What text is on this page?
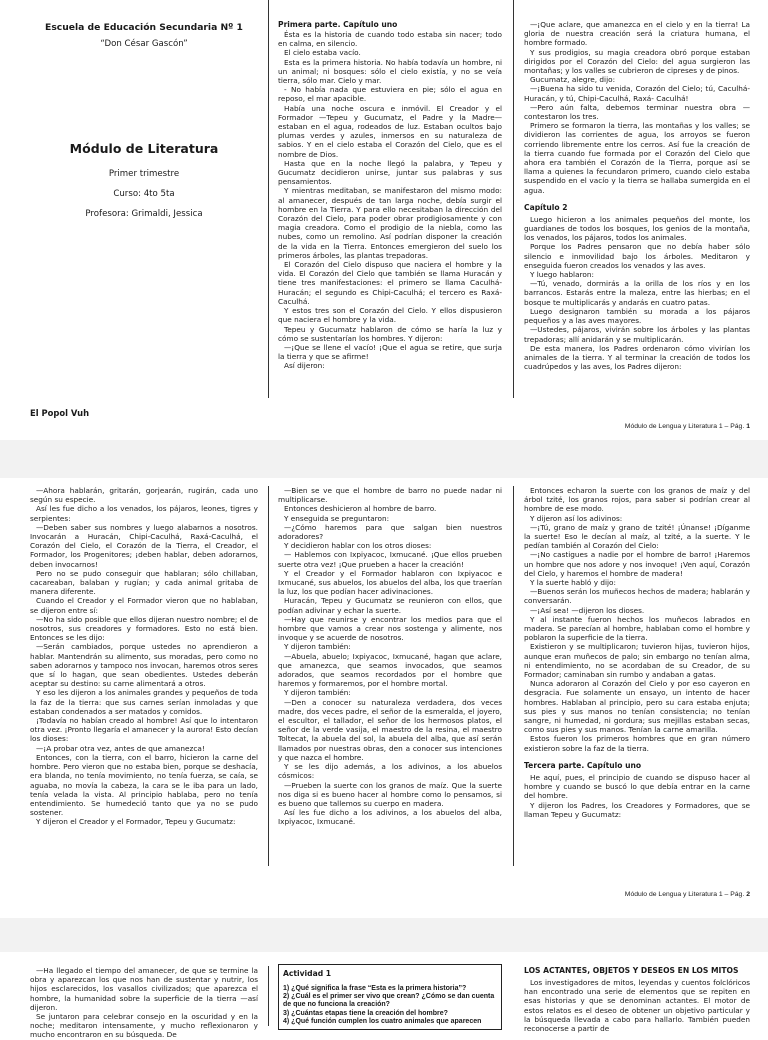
Escuela de Educación Secundaria Nº 1
“Don César Gascón”
Módulo de Literatura
Primer trimestre
Curso: 4to 5ta
Profesora: Grimaldi, Jessica
El Popol Vuh

Primera parte. Capítulo uno

Ésta es la historia de cuando todo estaba sin nacer; todo en calma, en silencio.

El cielo estaba vacío.

Esta es la primera historia. No había todavía un hombre, ni un animal; ni bosques: sólo el cielo existía, y no se veía tierra, sólo mar. Cielo y mar.

- No había nada que estuviera en pie; sólo el agua en reposo, el mar apacible.

Había una noche oscura e inmóvil. El Creador y el Formador —Tepeu y Gucumatz, el Padre y la Madre— estaban en el agua, rodeados de luz. Estaban ocultos bajo plumas verdes y azules, inmersos en su naturaleza de sabios. Y en el cielo estaba el Corazón del Cielo, que es el nombre de Dios.

Hasta que en la noche llegó la palabra, y Tepeu y Gucumatz decidieron unirse, juntar sus palabras y sus pensamientos.

Y mientras meditaban, se manifestaron del mismo modo: al amanecer, después de tan larga noche, debía surgir el hombre en la Tierra. Y para ello necesitaban la dirección del Corazón del Cielo, para poder obrar prodigiosamente y con magia creadora. Como el prodigio de la niebla, como las nubes, como un remolino. Así podrían disponer la creación de la vida en la Tierra. Entonces emergieron del suelo los primeros árboles, las plantas trepadoras.

El Corazón del Cielo dispuso que naciera el hombre y la vida. El Corazón del Cielo que también se llama Huracán y tiene tres manifestaciones: el primero se llama Caculhá-Huracán; el segundo es Chipi-Caculhá; el tercero es Raxá-Caculhá.

Y estos tres son el Corazón del Cielo. Y ellos dispusieron que naciera el hombre y la vida.

Tepeu y Gucumatz hablaron de cómo se haría la luz y cómo se sustentarían los hombres. Y dijeron:

—¡Que se llene el vacío! ¡Que el agua se retire, que surja la tierra y que se afirme!

Así dijeron:

—¡Que aclare, que amanezca en el cielo y en la tierra! La gloria de nuestra creación será la criatura humana, el hombre formado.

Y sus prodigios, su magia creadora obró porque estaban dirigidos por el Corazón del Cielo: del agua surgieron las montañas; y los valles se cubrieron de cipreses y de pinos.

Gucumatz, alegre, dijo:

—¡Buena ha sido tu venida, Corazón del Cielo; tú, Caculhá-Huracán, y tú, Chipi-Caculhá, Raxá- Caculhá!

—Pero aún falta, debemos terminar nuestra obra —contestaron los tres.

Primero se formaron la tierra, las montañas y los valles; se dividieron las corrientes de agua, los arroyos se fueron corriendo libremente entre los cerros. Así fue la creación de la tierra cuando fue formada por el Corazón del Cielo que ahora era también el Corazón de la Tierra, porque así se llama a quienes la fecundaron primero, cuando cielo estaba suspendido en el vacío y la tierra se hallaba sumergida en el agua.

Capítulo 2

Luego hicieron a los animales pequeños del monte, los guardianes de todos los bosques, los genios de la montaña, los venados, los pájaros, todos los animales.

Porque los Padres pensaron que no debía haber sólo silencio e inmovilidad bajo los árboles. Meditaron y enseguida fueron creados los venados y las aves.

Y luego hablaron:

—Tú, venado, dormirás a la orilla de los ríos y en los barrancos. Estarás entre la maleza, entre las hierbas; en el bosque te multiplicarás y andarás en cuatro patas.

Luego designaron también su morada a los pájaros pequeños y a las aves mayores.

—Ustedes, pájaros, vivirán sobre los árboles y las plantas trepadoras; allí anidarán y se multiplicarán.

De esta manera, los Padres ordenaron cómo vivirían los animales de la tierra. Y al terminar la creación de todos los cuadrúpedos y las aves, los Padres dijeron:

Módulo de Lengua y Literatura 1 – Pág. 1

—Ahora hablarán, gritarán, gorjearán, rugirán, cada uno según su especie.

Así les fue dicho a los venados, los pájaros, leones, tigres y serpientes:

—Deben saber sus nombres y luego alabarnos a nosotros. Invocarán a Huracán, Chipi-Caculhá, Raxá-Caculhá, el Corazón del Cielo, el Corazón de la Tierra, el Creador, el Formador, los Progenitores; ¡deben hablar, deben adorarnos, deben invocarnos!

Pero no se pudo conseguir que hablaran; sólo chillaban, cacareaban, balaban y rugían; y cada animal gritaba de manera diferente.

Cuando el Creador y el Formador vieron que no hablaban, se dijeron entre sí:

—No ha sido posible que ellos dijeran nuestro nombre; el de nosotros, sus creadores y formadores. Esto no está bien. Entonces se les dijo:

—Serán cambiados, porque ustedes no aprendieron a hablar. Mantendrán su alimento, sus moradas, pero como no saben adorarnos y tampoco nos invocan, haremos otros seres que sí lo hagan, que sean obedientes. Ustedes deberán aceptar su destino: su carne alimentará a otros.

Y eso les dijeron a los animales grandes y pequeños de toda la faz de la tierra: que sus carnes serían inmoladas y que estaban condenados a ser matados y comidos.

¡Todavía no habían creado al hombre! Así que lo intentaron otra vez. ¡Pronto llegaría el amanecer y la aurora! Esto decían los dioses:

—¡A probar otra vez, antes de que amanezca!

Entonces, con la tierra, con el barro, hicieron la carne del hombre. Pero vieron que no estaba bien, porque se deshacía, era blanda, no tenía movimiento, no tenía fuerza, se caía, se aguaba, no movía la cabeza, la cara se le iba para un lado, tenía velada la vista. Al principio hablaba, pero no tenía entendimiento. Se humedeció tanto que ya no se pudo sostener.

Y dijeron el Creador y el Formador, Tepeu y Gucumatz:

—Bien se ve que el hombre de barro no puede nadar ni multiplicarse.

Entonces deshicieron al hombre de barro.

Y enseguida se preguntaron:

—¿Cómo haremos para que salgan bien nuestros adoradores?

Y decidieron hablar con los otros dioses:

— Hablemos con Ixpiyacoc, Ixmucané. ¡Que ellos prueben suerte otra vez! ¡Que prueben a hacer la creación!

Y el Creador y el Formador hablaron con Ixpiyacoc e Ixmucané, sus abuelos, los abuelos del alba, los que traerían la luz, los que podían hacer adivinaciones.

Huracán, Tepeu y Gucumatz se reunieron con ellos, que podían adivinar y echar la suerte.

—Hay que reunirse y encontrar los medios para que el hombre que vamos a crear nos sostenga y alimente, nos invoque y se acuerde de nosotros.

Y dijeron también:

—Abuela, abuelo; Ixpiyacoc, Ixmucané, hagan que aclare, que amanezca, que seamos invocados, que seamos adorados, que seamos recordados por el hombre que haremos y formaremos, por el hombre mortal.

Y dijeron también:

—Den a conocer su naturaleza verdadera, dos veces madre, dos veces padre, el señor de la esmeralda, el joyero, el escultor, el tallador, el señor de los hermosos platos, el señor de la verde vasija, el maestro de la resina, el maestro Toltecat, la abuela del sol, la abuela del alba, que así serán llamados por nuestras obras, den a conocer sus intenciones y que nazca el hombre.

Y se les dijo además, a los adivinos, a los abuelos cósmicos:

—Prueben la suerte con los granos de maíz. Que la suerte nos diga si es bueno hacer al hombre como lo pensamos, si es bueno que tallemos su cuerpo en madera.

Así les fue dicho a los adivinos, a los abuelos del alba, Ixpiyacoc, Ixmucané.

Entonces echaron la suerte con los granos de maíz y del árbol tzité, los granos rojos, para saber si podrían crear al hombre de ese modo.

Y dijeron así los adivinos:

—¡Tú, grano de maíz y grano de tzité! ¡Únanse! ¡Díganme la suerte! Eso le decían al maíz, al tzité, a la suerte. Y le pedían también al Corazón del Cielo:

—¡No castigues a nadie por el hombre de barro! ¡Haremos un hombre que nos adore y nos invoque! ¡Ven aquí, Corazón del Cielo, y haremos el hombre de madera!

Y la suerte habló y dijo:

—Buenos serán los muñecos hechos de madera; hablarán y conversarán.

—¡Así sea! —dijeron los dioses.

Y al instante fueron hechos los muñecos labrados en madera. Se parecían al hombre, hablaban como el hombre y poblaron la superficie de la tierra.

Existieron y se multiplicaron; tuvieron hijas, tuvieron hijos, aunque eran muñecos de palo; sin embargo no tenían alma, ni entendimiento, no se acordaban de su Creador, de su Formador; caminaban sin rumbo y andaban a gatas.

Nunca adoraron al Corazón del Cielo y por eso cayeron en desgracia. Fue solamente un ensayo, un intento de hacer hombres. Hablaban al principio, pero su cara estaba enjuta; sus pies y sus manos no tenían consistencia; no tenían sangre, ni humedad, ni gordura; sus mejillas estaban secas, como sus pies y sus manos. Tenían la carne amarilla.

Estos fueron los primeros hombres que en gran número existieron sobre la faz de la tierra.

Tercera parte. Capítulo uno

He aquí, pues, el principio de cuando se dispuso hacer al hombre y cuando se buscó lo que debía entrar en la carne del hombre.

Y dijeron los Padres, los Creadores y Formadores, que se llaman Tepeu y Gucumatz:

Módulo de Lengua y Literatura 1 – Pág. 2

—Ha llegado el tiempo del amanecer, de que se termine la obra y aparezcan los que nos han de sustentar y nutrir, los hijos esclarecidos, los vasallos civilizados; que aparezca el hombre, la humanidad sobre la superficie de la tierra —así dijeron.

Se juntaron para celebrar consejo en la oscuridad y en la noche; meditaron intensamente, y mucho reflexionaron y mucho encontraron en su búsqueda. De

Actividad 1

1) ¿Qué significa la frase “Esta es la primera historia”?

2) ¿Cuál es el primer ser vivo que crean? ¿Cómo se dan cuenta de que no funciona la creación?

3) ¿Cuántas etapas tiene la creación del hombre?

4) ¿Qué función cumplen los cuatro animales que aparecen

LOS ACTANTES, OBJETOS Y DESEOS EN LOS MITOS

Los investigadores de mitos, leyendas y cuentos folclóricos han encontrado una serie de elementos que se repiten en esas historias y que se denominan actantes. El motor de estos relatos es el deseo de obtener un objetivo particular y la búsqueda llevada a cabo para hallarlo. También pueden reconocerse a partir de
